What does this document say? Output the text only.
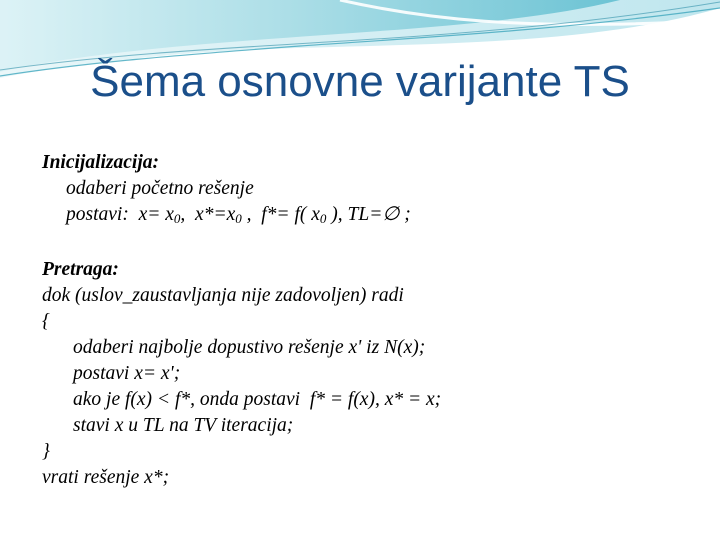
Šema osnovne varijante TS
Inicijalizacija:
odaberi početno rešenje
postavi:  $x= x_0$,  $x*=x_0$ ,  f*= f( $x_0$ ), TL=∅ ;
Pretraga:
dok (uslov_zaustavljanja nije zadovoljen) radi
{
odaberi najbolje dopustivo rešenje x' iz N(x);
postavi x= x';
ako je f(x) < f*, onda postavi  f* = f(x), x* = x;
stavi x u TL na TV iteracija;
}
vrati rešenje x*;
